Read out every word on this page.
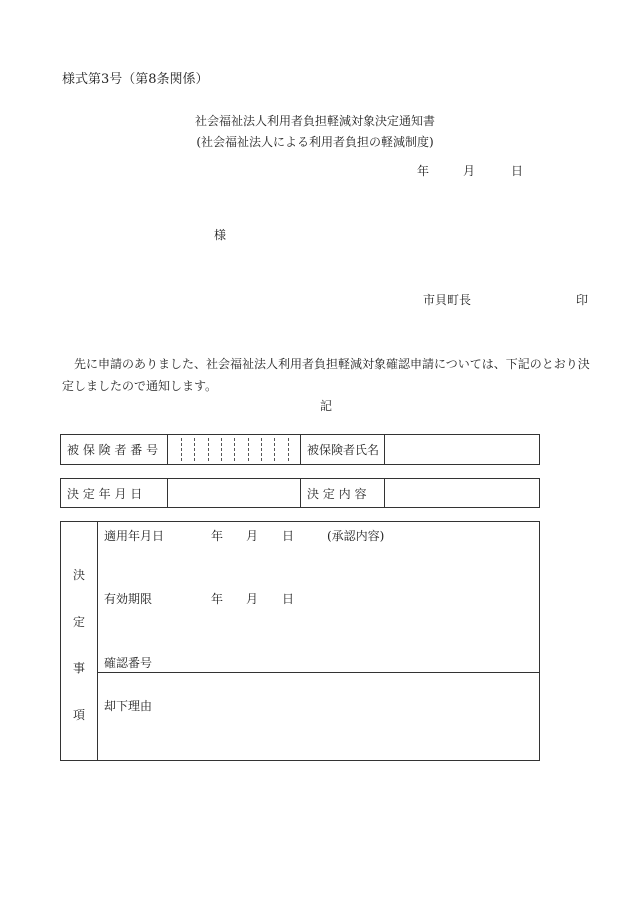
様式第3号（第8条関係）
社会福祉法人利用者負担軽減対象決定通知書
(社会福祉法人による利用者負担の軽減制度)
年	月	日
様
市貝町長	印
先に申請のありました、社会福祉法人利用者負担軽減対象確認申請については、下記のとおり決定しましたので通知します。
記
被 保 険 者 番 号	被保険者氏名
決 定 年 月 日	決 定 内 容
決
定
事
項
適用年月日	年 月 日	(承認内容)
有効期限	年 月 日
確認番号
却下理由
